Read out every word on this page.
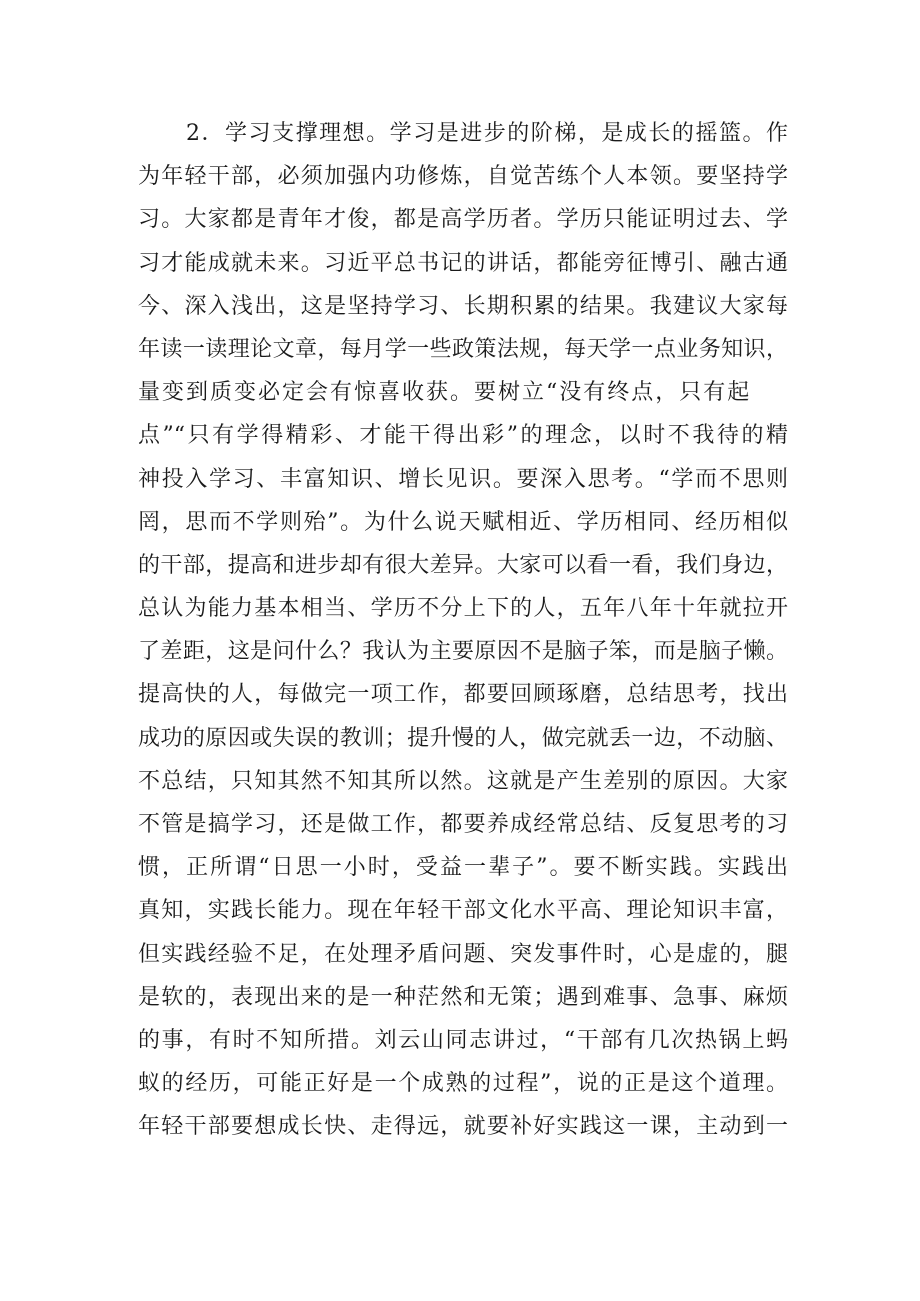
2．学习支撑理想。学习是进步的阶梯，是成长的摇篮。作
为年轻干部，必须加强内功修炼，自觉苦练个人本领。要坚持学
习。大家都是青年才俊，都是高学历者。学历只能证明过去、学
习才能成就未来。习近平总书记的讲话，都能旁征博引、融古通
今、深入浅出，这是坚持学习、长期积累的结果。我建议大家每
年读一读理论文章，每月学一些政策法规，每天学一点业务知识，
量变到质变必定会有惊喜收获。要树立“没有终点，只有起
点”“只有学得精彩、才能干得出彩”的理念，以时不我待的精
神投入学习、丰富知识、增长见识。要深入思考。“学而不思则
罔，思而不学则殆”。为什么说天赋相近、学历相同、经历相似
的干部，提高和进步却有很大差异。大家可以看一看，我们身边，
总认为能力基本相当、学历不分上下的人，五年八年十年就拉开
了差距，这是问什么？我认为主要原因不是脑子笨，而是脑子懒。
提高快的人，每做完一项工作，都要回顾琢磨，总结思考，找出
成功的原因或失误的教训；提升慢的人，做完就丢一边，不动脑、
不总结，只知其然不知其所以然。这就是产生差别的原因。大家
不管是搞学习，还是做工作，都要养成经常总结、反复思考的习
惯，正所谓“日思一小时，受益一辈子”。要不断实践。实践出
真知，实践长能力。现在年轻干部文化水平高、理论知识丰富，
但实践经验不足，在处理矛盾问题、突发事件时，心是虚的，腿
是软的，表现出来的是一种茫然和无策；遇到难事、急事、麻烦
的事，有时不知所措。刘云山同志讲过，“干部有几次热锅上蚂
蚁的经历，可能正好是一个成熟的过程”，说的正是这个道理。
年轻干部要想成长快、走得远，就要补好实践这一课，主动到一
